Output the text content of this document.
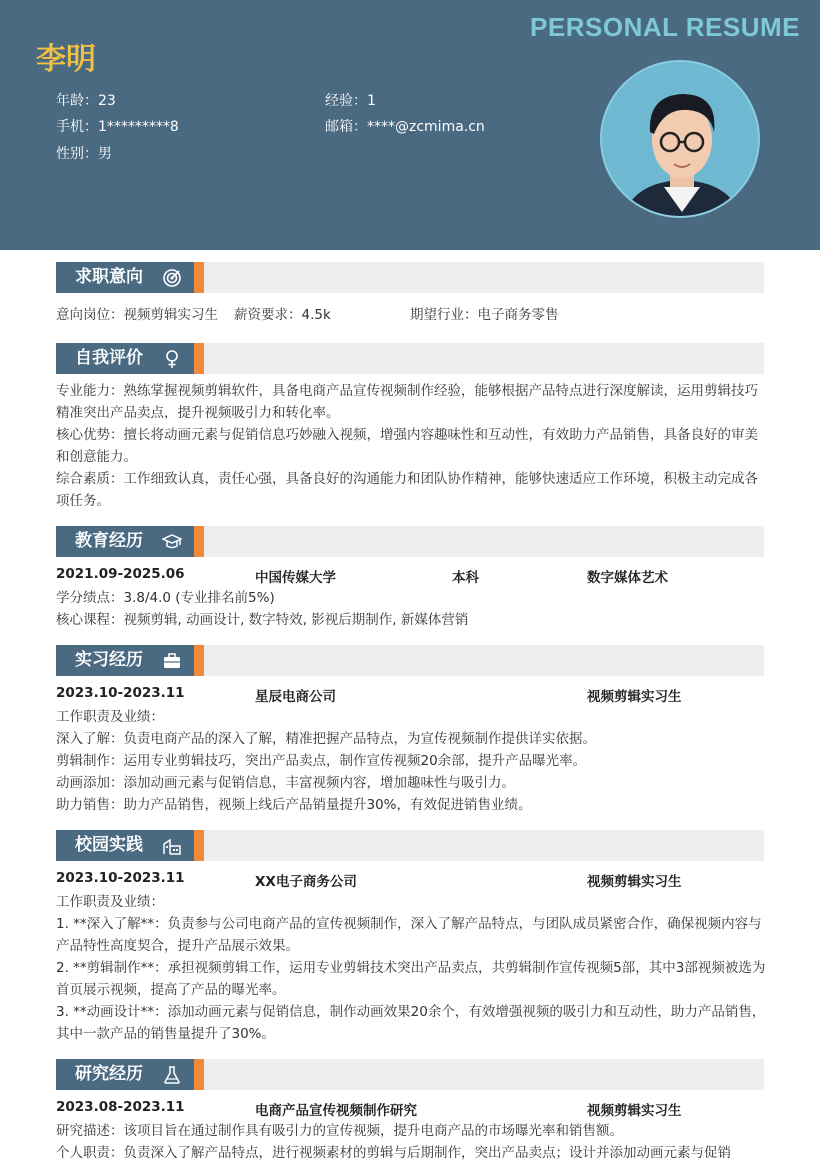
PERSONAL RESUME
李明
年龄：23	经验：1
手机：1*********8	邮箱：****@zcmima.cn
性别：男
求职意向
意向岗位：视频剪辑实习生 薪资要求：4.5k	期望行业：电子商务零售
自我评价
专业能力：熟练掌握视频剪辑软件，具备电商产品宣传视频制作经验，能够根据产品特点进行深度解读，运用剪辑技巧精准突出产品卖点，提升视频吸引力和转化率。
核心优势：擅长将动画元素与促销信息巧妙融入视频，增强内容趣味性和互动性，有效助力产品销售，具备良好的审美和创意能力。
综合素质：工作细致认真，责任心强，具备良好的沟通能力和团队协作精神，能够快速适应工作环境，积极主动完成各项任务。
教育经历
2021.09-2025.06	中国传媒大学	本科	数字媒体艺术
学分绩点：3.8/4.0 (专业排名前5%)
核心课程：视频剪辑, 动画设计, 数字特效, 影视后期制作, 新媒体营销
实习经历
2023.10-2023.11	星辰电商公司	视频剪辑实习生
工作职责及业绩：
深入了解：负责电商产品的深入了解，精准把握产品特点，为宣传视频制作提供详实依据。
剪辑制作：运用专业剪辑技巧，突出产品卖点，制作宣传视频20余部，提升产品曝光率。
动画添加：添加动画元素与促销信息，丰富视频内容，增加趣味性与吸引力。
助力销售：助力产品销售，视频上线后产品销量提升30%，有效促进销售业绩。
校园实践
2023.10-2023.11	XX电子商务公司	视频剪辑实习生
工作职责及业绩：
1. **深入了解**：负责参与公司电商产品的宣传视频制作，深入了解产品特点，与团队成员紧密合作，确保视频内容与产品特性高度契合，提升产品展示效果。
2. **剪辑制作**：承担视频剪辑工作，运用专业剪辑技术突出产品卖点，共剪辑制作宣传视频5部，其中3部视频被选为首页展示视频，提高了产品的曝光率。
3. **动画设计**：添加动画元素与促销信息，制作动画效果20余个，有效增强视频的吸引力和互动性，助力产品销售，其中一款产品的销售量提升了30%。
研究经历
2023.08-2023.11	电商产品宣传视频制作研究	视频剪辑实习生
研究描述：该项目旨在通过制作具有吸引力的宣传视频，提升电商产品的市场曝光率和销售额。
个人职责：负责深入了解产品特点，进行视频素材的剪辑与后期制作，突出产品卖点；设计并添加动画元素与促销
